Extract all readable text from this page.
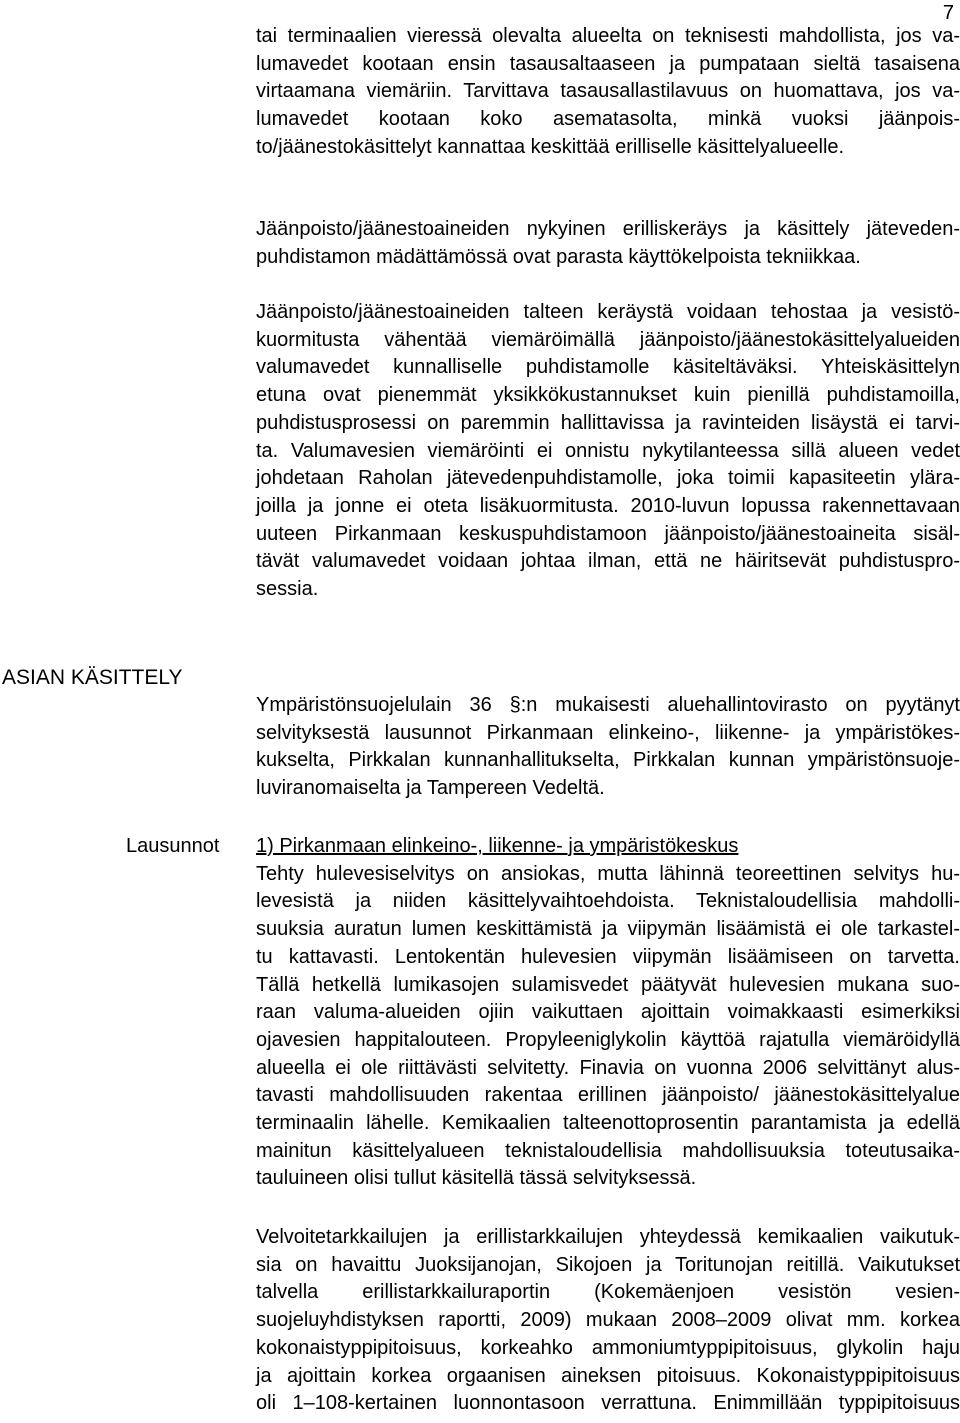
7
tai terminaalien vieressä olevalta alueelta on teknisesti mahdollista, jos va-
lumavedet kootaan ensin tasausaltaaseen ja pumpataan sieltä tasaisena
virtaamana viemäriin. Tarvittava tasausallastilavuus on huomattava, jos va-
lumavedet kootaan koko asematasolta, minkä vuoksi jäänpois-
to/jäänestokäsittelyt kannattaa keskittää erilliselle käsittelyalueelle.
Jäänpoisto/jäänestoaineiden nykyinen erilliskeräys ja käsittely jäteveden-
puhdistamon mädättämössä ovat parasta käyttökelpoista tekniikkaa.
Jäänpoisto/jäänestoaineiden talteen keräystä voidaan tehostaa ja vesistö-
kuormitusta vähentää viemäröimällä jäänpoisto/jäänestokäsittelyalueiden
valumavedet kunnalliselle puhdistamolle käsiteltäväksi. Yhteiskäsittelyn
etuna ovat pienemmät yksikkökustannukset kuin pienillä puhdistamoilla,
puhdistusprosessi on paremmin hallittavissa ja ravinteiden lisäystä ei tarvi-
ta. Valumavesien viemäröinti ei onnistu nykytilanteessa sillä alueen vedet
johdetaan Raholan jätevedenpuhdistamolle, joka toimii kapasiteetin ylära-
joilla ja jonne ei oteta lisäkuormitusta. 2010-luvun lopussa rakennettavaan
uuteen Pirkanmaan keskuspuhdistamoon jäänpoisto/jäänestoaineita sisäl-
tävät valumavedet voidaan johtaa ilman, että ne häiritsevät puhdistuspro-
sessia.
ASIAN KÄSITTELY
Ympäristönsuojelulain 36 §:n mukaisesti aluehallintovirasto on pyytänyt
selvityksestä lausunnot Pirkanmaan elinkeino-, liikenne- ja ympäristökes-
kukselta, Pirkkalan kunnanhallitukselta, Pirkkalan kunnan ympäristönsuoje-
luviranomaiselta ja Tampereen Vedeltä.
Lausunnot 1) Pirkanmaan elinkeino-, liikenne- ja ympäristökeskus
Tehty hulevesiselvitys on ansiokas, mutta lähinnä teoreettinen selvitys hu-
levesistä ja niiden käsittelyvaihtoehdoista. Teknistaloudellisia mahdolli-
suuksia auratun lumen keskittämistä ja viipymän lisäämistä ei ole tarkastel-
tu kattavasti. Lentokentän hulevesien viipymän lisäämiseen on tarvetta.
Tällä hetkellä lumikasojen sulamisvedet päätyvät hulevesien mukana suo-
raan valuma-alueiden ojiin vaikuttaen ajoittain voimakkaasti esimerkiksi
ojavesien happitalouteen. Propyleeniglykolin käyttöä rajatulla viemäröidyllä
alueella ei ole riittävästi selvitetty. Finavia on vuonna 2006 selvittänyt alus-
tavasti mahdollisuuden rakentaa erillinen jäänpoisto/ jäänestokäsittelyalue
terminaalin lähelle. Kemikaalien talteenottoprosentin parantamista ja edellä
mainitun käsittelyalueen teknistaloudellisia mahdollisuuksia toteutusaika-
tauluineen olisi tullut käsitellä tässä selvityksessä.
Velvoitetarkkailujen ja erillistarkkailujen yhteydessä kemikaalien vaikutuk-
sia on havaittu Juoksijanojan, Sikojoen ja Toritunojan reitillä. Vaikutukset
talvella erillistarkkailuraportin (Kokemäenjoen vesistön vesien-
suojeluyhdistyksen raportti, 2009) mukaan 2008–2009 olivat mm. korkea
kokonaistyppipitoisuus, korkeahko ammoniumtyppipitoisuus, glykolin haju
ja ajoittain korkea orgaanisen aineksen pitoisuus. Kokonaistyppipitoisuus
oli 1–108-kertainen luonnontasoon verrattuna. Enimmillään typpipitoisuus
